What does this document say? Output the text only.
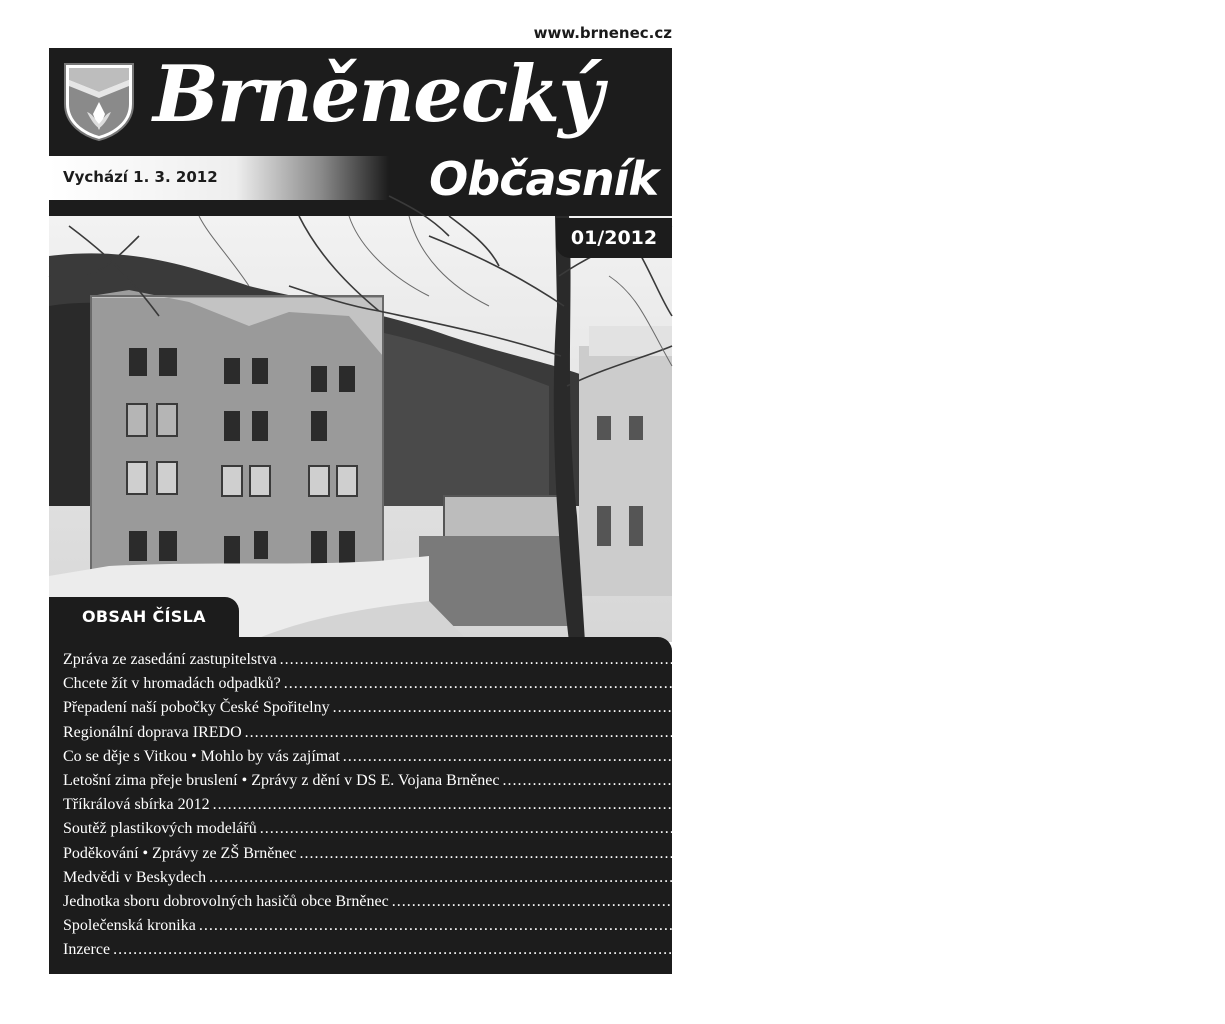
www.brnenec.cz
Brněnecký
Vychází 1. 3. 2012	Občasník
01/2012
OBSAH ČÍSLA
Zpráva ze zasedání zastupitelstva ............................................................................................................................................ 2 – 3
Chcete žít v hromadách odpadků? ............................................................................................................................................ 3
Přepadení naší pobočky České Spořitelny ............................................................................................................................................ 3
Regionální doprava IREDO ............................................................................................................................................ 4 – 5
Co se děje s Vitkou • Mohlo by vás zajímat ............................................................................................................................................ 6
Letošní zima přeje bruslení • Zprávy z dění v DS E. Vojana Brněnec ............................................................................................................................................ 7
Tříkrálová sbírka 2012 ............................................................................................................................................ 8
Soutěž plastikových modelářů ............................................................................................................................................ 9
Poděkování • Zprávy ze ZŠ Brněnec ............................................................................................................................................ 10 – 11
Medvědi v Beskydech ............................................................................................................................................ 12 – 13
Jednotka sboru dobrovolných hasičů obce Brněnec ............................................................................................................................................ 14
Společenská kronika ............................................................................................................................................ 15
Inzerce ............................................................................................................................................ 16
